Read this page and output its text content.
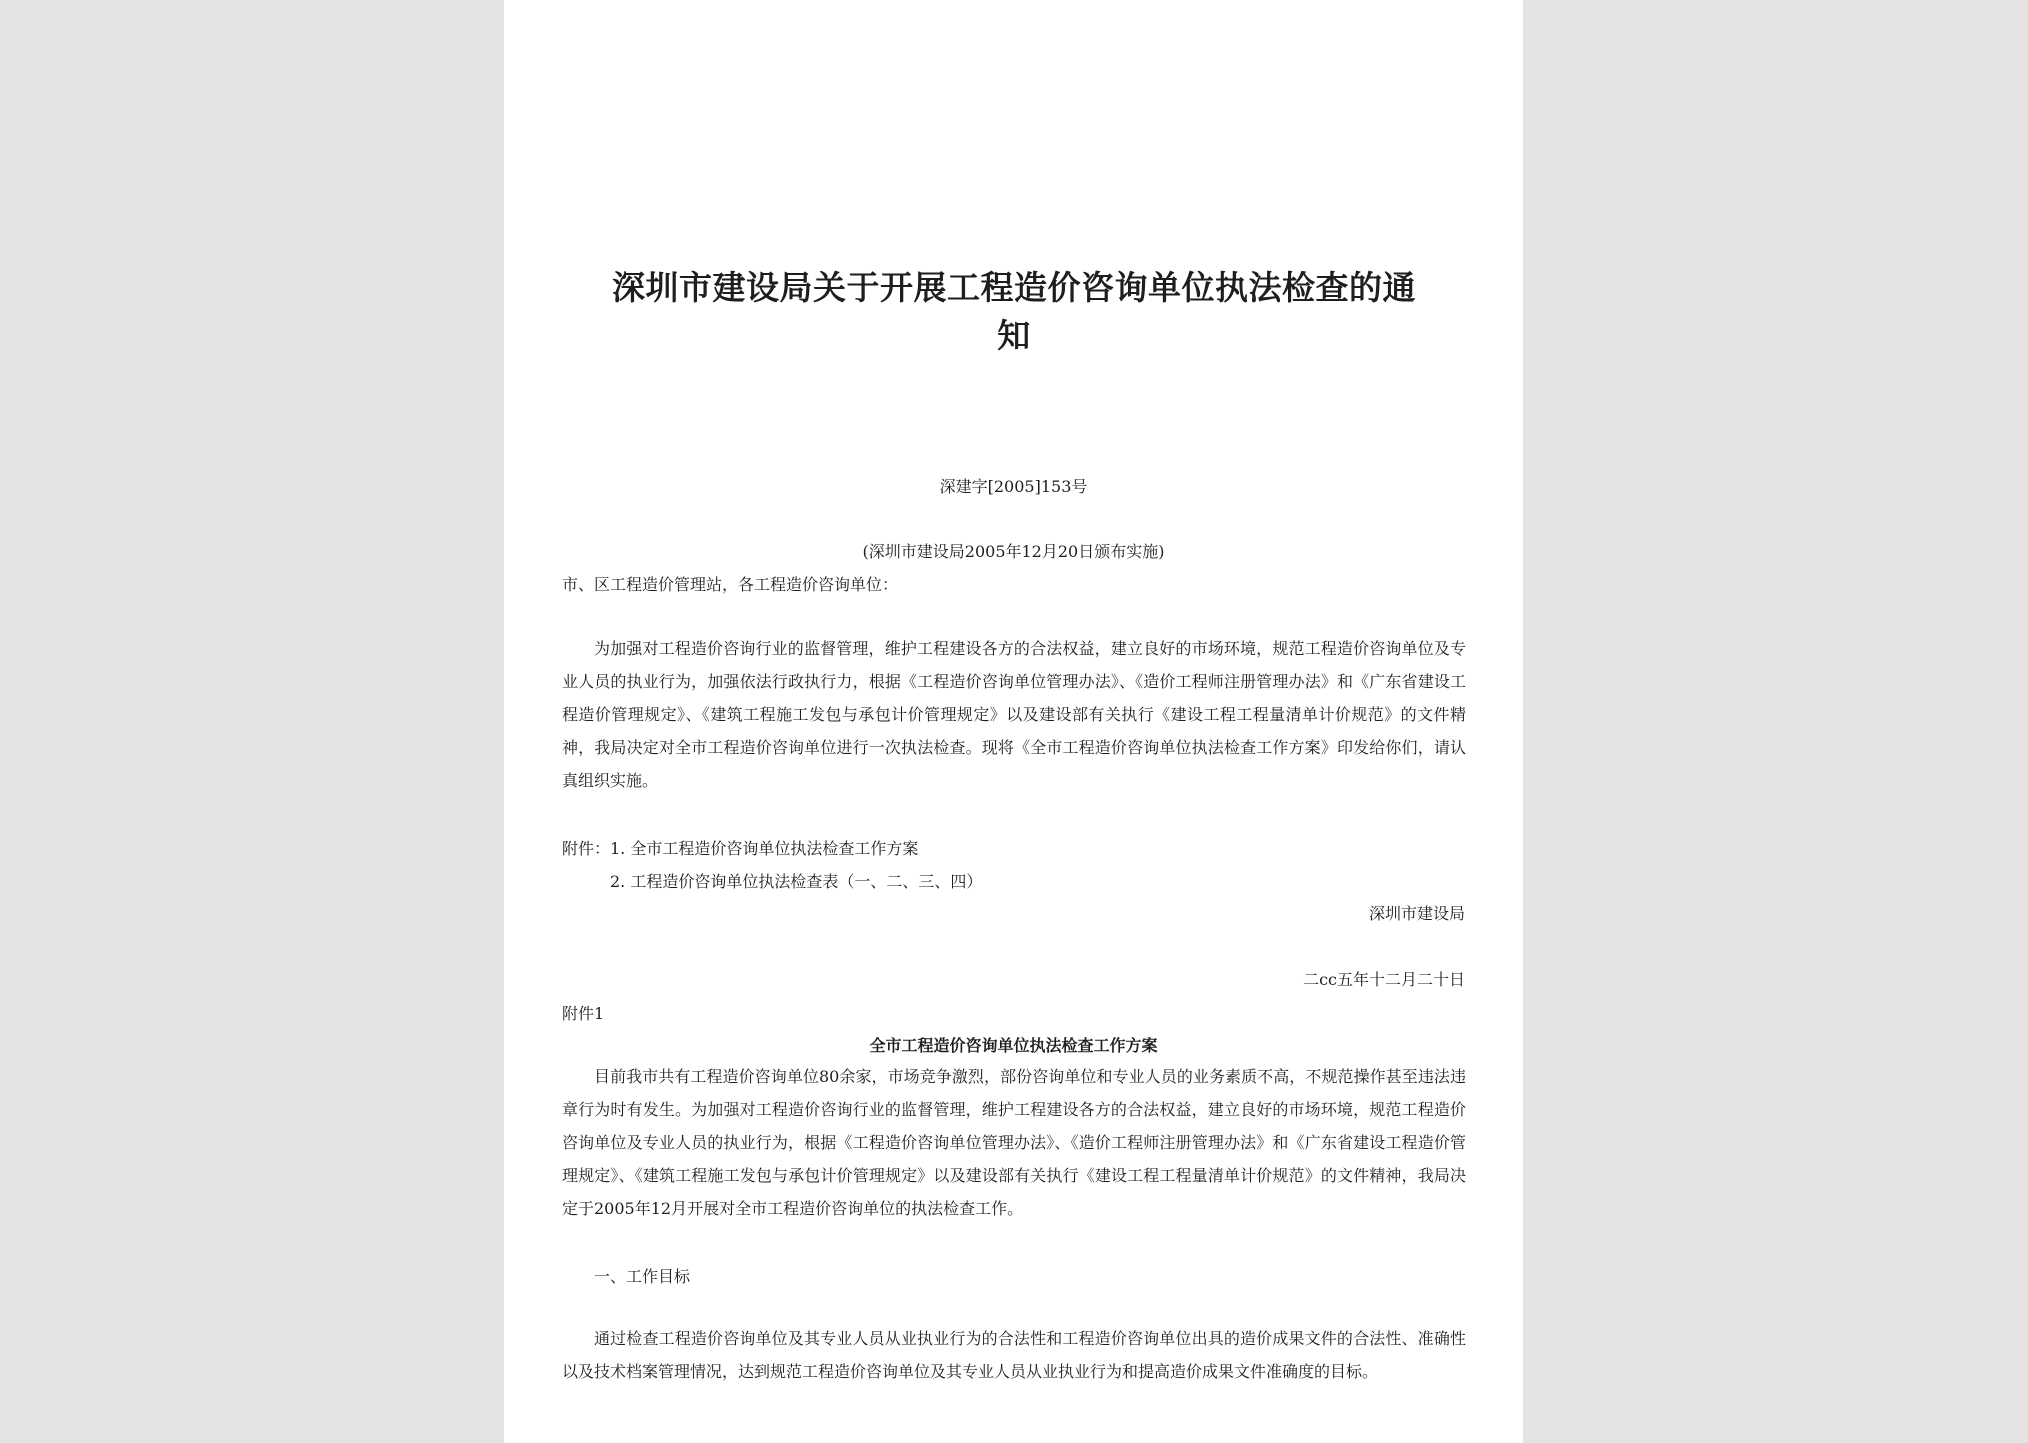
深圳市建设局关于开展工程造价咨询单位执法检查的通
知
深建字[2005]153号
(深圳市建设局2005年12月20日颁布实施)
市、区工程造价管理站，各工程造价咨询单位：
为加强对工程造价咨询行业的监督管理，维护工程建设各方的合法权益，建立良好的市场环境，规范工程造价咨询单位及专业人员的执业行为，加强依法行政执行力，根据《工程造价咨询单位管理办法》、《造价工程师注册管理办法》和《广东省建设工程造价管理规定》、《建筑工程施工发包与承包计价管理规定》以及建设部有关执行《建设工程工程量清单计价规范》的文件精神，我局决定对全市工程造价咨询单位进行一次执法检查。现将《全市工程造价咨询单位执法检查工作方案》印发给你们，请认真组织实施。
附件：1. 全市工程造价咨询单位执法检查工作方案
2. 工程造价咨询单位执法检查表（一、二、三、四）
深圳市建设局
二cc五年十二月二十日
附件1
全市工程造价咨询单位执法检查工作方案
目前我市共有工程造价咨询单位80余家，市场竞争激烈，部份咨询单位和专业人员的业务素质不高，不规范操作甚至违法违章行为时有发生。为加强对工程造价咨询行业的监督管理，维护工程建设各方的合法权益，建立良好的市场环境，规范工程造价咨询单位及专业人员的执业行为，根据《工程造价咨询单位管理办法》、《造价工程师注册管理办法》和《广东省建设工程造价管理规定》、《建筑工程施工发包与承包计价管理规定》以及建设部有关执行《建设工程工程量清单计价规范》的文件精神，我局决定于2005年12月开展对全市工程造价咨询单位的执法检查工作。
一、工作目标
通过检查工程造价咨询单位及其专业人员从业执业行为的合法性和工程造价咨询单位出具的造价成果文件的合法性、准确性以及技术档案管理情况，达到规范工程造价咨询单位及其专业人员从业执业行为和提高造价成果文件准确度的目标。
